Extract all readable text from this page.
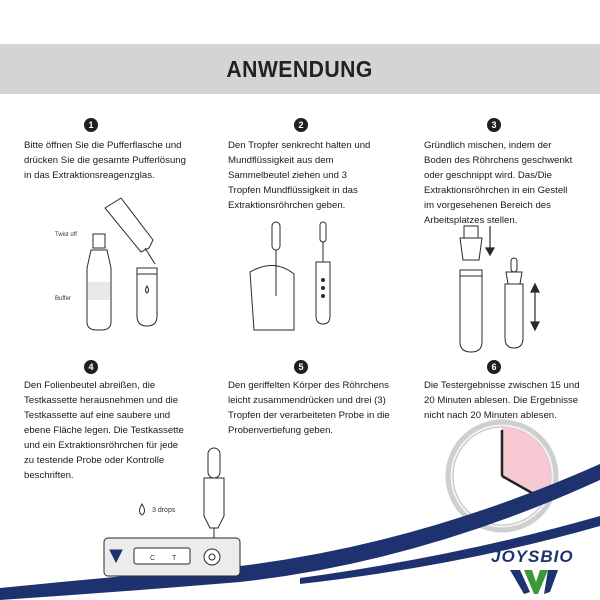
ANWENDUNG
1	2	3
4	5	6

Bitte öffnen Sie die Pufferflasche und drücken Sie die gesamte Pufferlösung in das Extraktionsreagenzglas.

Den Tropfer senkrecht halten und Mundflüssigkeit aus dem Sammelbeutel ziehen und 3 Tropfen Mundflüssigkeit in das Extraktionsröhrchen geben.

Gründlich mischen, indem der Boden des Röhrchens geschwenkt oder geschnippt wird. Das/Die Extraktionsröhrchen in ein Gestell im vorgesehenen Bereich des Arbeitsplatzes stellen.

Den Folienbeutel abreißen, die Testkassette herausnehmen und die Testkassette auf eine saubere und ebene Fläche legen. Die Testkassette und ein Extraktionsröhrchen für jede zu testende Probe oder Kontrolle beschriften.

Den geriffelten Körper des Röhrchens leicht zusammendrücken und drei (3) Tropfen der verarbeiteten Probe in die Probenvertiefung geben.

Die Testergebnisse zwischen 15 und 20 Minuten ablesen. Die Ergebnisse nicht nach 20 Minuten ablesen.

Twist off
Buffer
3 drops
C T	JOYSBIO
